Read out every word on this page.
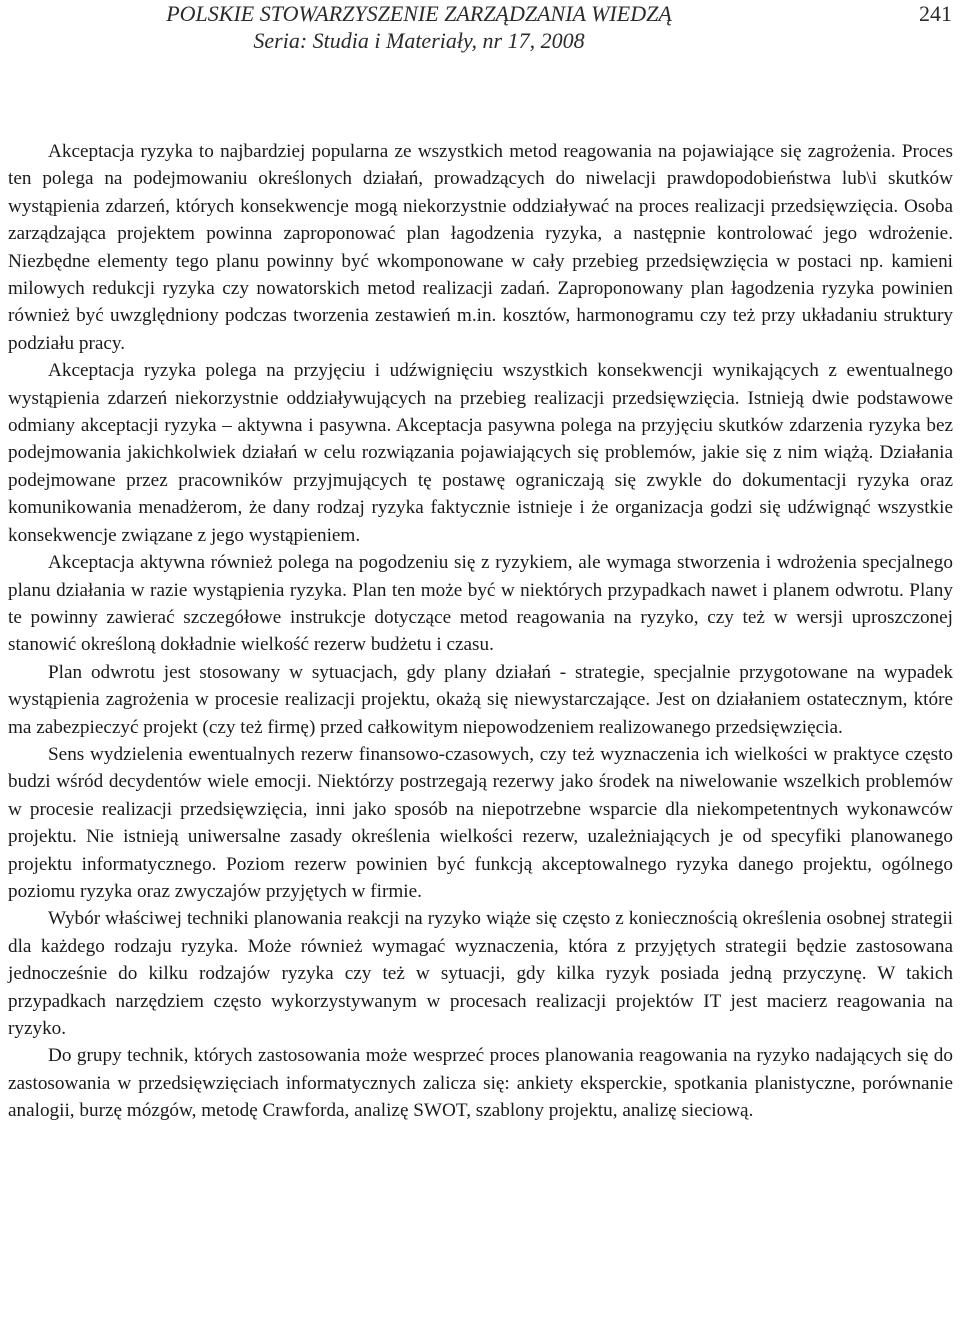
POLSKIE STOWARZYSZENIE ZARZĄDZANIA WIEDZĄ
Seria: Studia i Materiały, nr 17, 2008
241

Akceptacja ryzyka to najbardziej popularna ze wszystkich metod reagowania na pojawiające się zagrożenia. Proces ten polega na podejmowaniu określonych działań, prowadzących do niwelacji prawdopodobieństwa lub\i skutków wystąpienia zdarzeń, których konsekwencje mogą niekorzystnie oddziaływać na proces realizacji przedsięwzięcia. Osoba zarządzająca projektem powinna zaproponować plan łagodzenia ryzyka, a następnie kontrolować jego wdrożenie. Niezbędne elementy tego planu powinny być wkomponowane w cały przebieg przedsięwzięcia w postaci np. kamieni milowych redukcji ryzyka czy nowatorskich metod realizacji zadań. Zaproponowany plan łagodzenia ryzyka powinien również być uwzględniony podczas tworzenia zestawień m.in. kosztów, harmonogramu czy też przy układaniu struktury podziału pracy.

Akceptacja ryzyka polega na przyjęciu i udźwignięciu wszystkich konsekwencji wynikających z ewentualnego wystąpienia zdarzeń niekorzystnie oddziaływujących na przebieg realizacji przedsięwzięcia. Istnieją dwie podstawowe odmiany akceptacji ryzyka – aktywna i pasywna. Akceptacja pasywna polega na przyjęciu skutków zdarzenia ryzyka bez podejmowania jakichkolwiek działań w celu rozwiązania pojawiających się problemów, jakie się z nim wiążą. Działania podejmowane przez pracowników przyjmujących tę postawę ograniczają się zwykle do dokumentacji ryzyka oraz komunikowania menadżerom, że dany rodzaj ryzyka faktycznie istnieje i że organizacja godzi się udźwignąć wszystkie konsekwencje związane z jego wystąpieniem.

Akceptacja aktywna również polega na pogodzeniu się z ryzykiem, ale wymaga stworzenia i wdrożenia specjalnego planu działania w razie wystąpienia ryzyka. Plan ten może być w niektórych przypadkach nawet i planem odwrotu. Plany te powinny zawierać szczegółowe instrukcje dotyczące metod reagowania na ryzyko, czy też w wersji uproszczonej stanowić określoną dokładnie wielkość rezerw budżetu i czasu.

Plan odwrotu jest stosowany w sytuacjach, gdy plany działań - strategie, specjalnie przygotowane na wypadek wystąpienia zagrożenia w procesie realizacji projektu, okażą się niewystarczające. Jest on działaniem ostatecznym, które ma zabezpieczyć projekt (czy też firmę) przed całkowitym niepowodzeniem realizowanego przedsięwzięcia.

Sens wydzielenia ewentualnych rezerw finansowo-czasowych, czy też wyznaczenia ich wielkości w praktyce często budzi wśród decydentów wiele emocji. Niektórzy postrzegają rezerwy jako środek na niwelowanie wszelkich problemów w procesie realizacji przedsięwzięcia, inni jako sposób na niepotrzebne wsparcie dla niekompetentnych wykonawców projektu. Nie istnieją uniwersalne zasady określenia wielkości rezerw, uzależniających je od specyfiki planowanego projektu informatycznego. Poziom rezerw powinien być funkcją akceptowalnego ryzyka danego projektu, ogólnego poziomu ryzyka oraz zwyczajów przyjętych w firmie.

Wybór właściwej techniki planowania reakcji na ryzyko wiąże się często z koniecznością określenia osobnej strategii dla każdego rodzaju ryzyka. Może również wymagać wyznaczenia, która z przyjętych strategii będzie zastosowana jednocześnie do kilku rodzajów ryzyka czy też w sytuacji, gdy kilka ryzyk posiada jedną przyczynę. W takich przypadkach narzędziem często wykorzystywanym w procesach realizacji projektów IT jest macierz reagowania na ryzyko.

Do grupy technik, których zastosowania może wesprzeć proces planowania reagowania na ryzyko nadających się do zastosowania w przedsięwzięciach informatycznych zalicza się: ankiety eksperckie, spotkania planistyczne, porównanie analogii, burzę mózgów, metodę Crawforda, analizę SWOT, szablony projektu, analizę sieciową.
